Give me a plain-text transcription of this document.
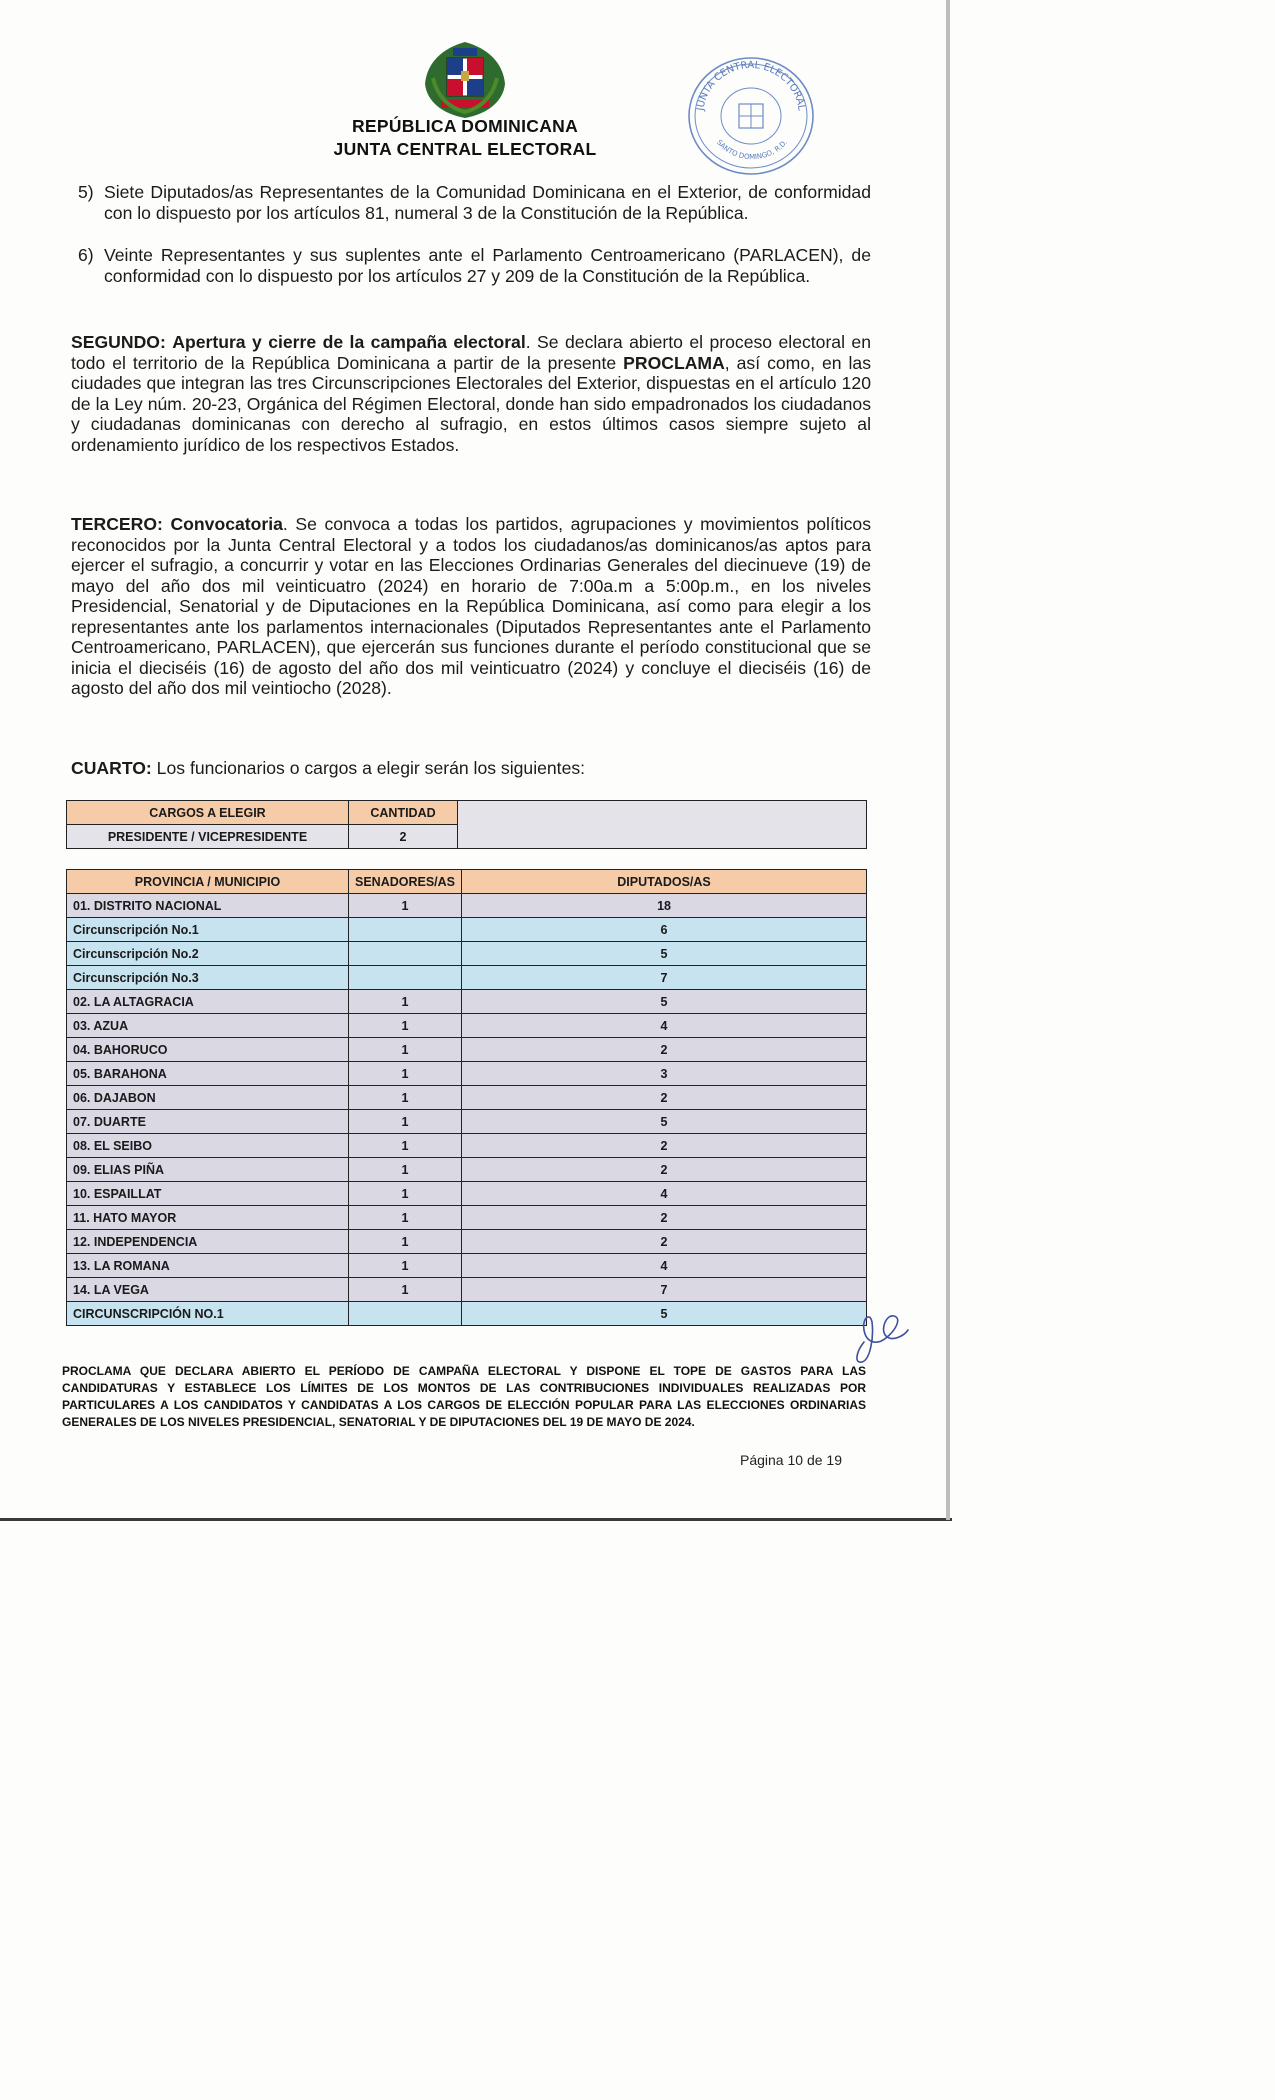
REPÚBLICA DOMINICANA
JUNTA CENTRAL ELECTORAL
JUNTA CENTRAL ELECTORAL
SANTO DOMINGO, R.D.
5) Siete Diputados/as Representantes de la Comunidad Dominicana en el Exterior, de conformidad con lo dispuesto por los artículos 81, numeral 3 de la Constitución de la República.
6) Veinte Representantes y sus suplentes ante el Parlamento Centroamericano (PARLACEN), de conformidad con lo dispuesto por los artículos 27 y 209 de la Constitución de la República.
SEGUNDO: Apertura y cierre de la campaña electoral. Se declara abierto el proceso electoral en todo el territorio de la República Dominicana a partir de la presente PROCLAMA, así como, en las ciudades que integran las tres Circunscripciones Electorales del Exterior, dispuestas en el artículo 120 de la Ley núm. 20-23, Orgánica del Régimen Electoral, donde han sido empadronados los ciudadanos y ciudadanas dominicanas con derecho al sufragio, en estos últimos casos siempre sujeto al ordenamiento jurídico de los respectivos Estados.
TERCERO: Convocatoria. Se convoca a todas los partidos, agrupaciones y movimientos políticos reconocidos por la Junta Central Electoral y a todos los ciudadanos/as dominicanos/as aptos para ejercer el sufragio, a concurrir y votar en las Elecciones Ordinarias Generales del diecinueve (19) de mayo del año dos mil veinticuatro (2024) en horario de 7:00a.m a 5:00p.m., en los niveles Presidencial, Senatorial y de Diputaciones en la República Dominicana, así como para elegir a los representantes ante los parlamentos internacionales (Diputados Representantes ante el Parlamento Centroamericano, PARLACEN), que ejercerán sus funciones durante el período constitucional que se inicia el dieciséis (16) de agosto del año dos mil veinticuatro (2024) y concluye el dieciséis (16) de agosto del año dos mil veintiocho (2028).
CUARTO: Los funcionarios o cargos a elegir serán los siguientes:
CARGOS A ELEGIR	CANTIDAD	
PRESIDENTE / VICEPRESIDENTE	2	
PROVINCIA / MUNICIPIO	SENADORES/AS	DIPUTADOS/AS
01. DISTRITO NACIONAL	1	18
Circunscripción No.1		6
Circunscripción No.2		5
Circunscripción No.3		7
02. LA ALTAGRACIA	1	5
03. AZUA	1	4
04. BAHORUCO	1	2
05. BARAHONA	1	3
06. DAJABON	1	2
07. DUARTE	1	5
08. EL SEIBO	1	2
09. ELIAS PIÑA	1	2
10. ESPAILLAT	1	4
11. HATO MAYOR	1	2
12. INDEPENDENCIA	1	2
13. LA ROMANA	1	4
14. LA VEGA	1	7
CIRCUNSCRIPCIÓN NO.1		5
PROCLAMA QUE DECLARA ABIERTO EL PERÍODO DE CAMPAÑA ELECTORAL Y DISPONE EL TOPE DE GASTOS PARA LAS CANDIDATURAS Y ESTABLECE LOS LÍMITES DE LOS MONTOS DE LAS CONTRIBUCIONES INDIVIDUALES REALIZADAS POR PARTICULARES A LOS CANDIDATOS Y CANDIDATAS A LOS CARGOS DE ELECCIÓN POPULAR PARA LAS ELECCIONES ORDINARIAS GENERALES DE LOS NIVELES PRESIDENCIAL, SENATORIAL Y DE DIPUTACIONES DEL 19 DE MAYO DE 2024.
Página 10 de 19
